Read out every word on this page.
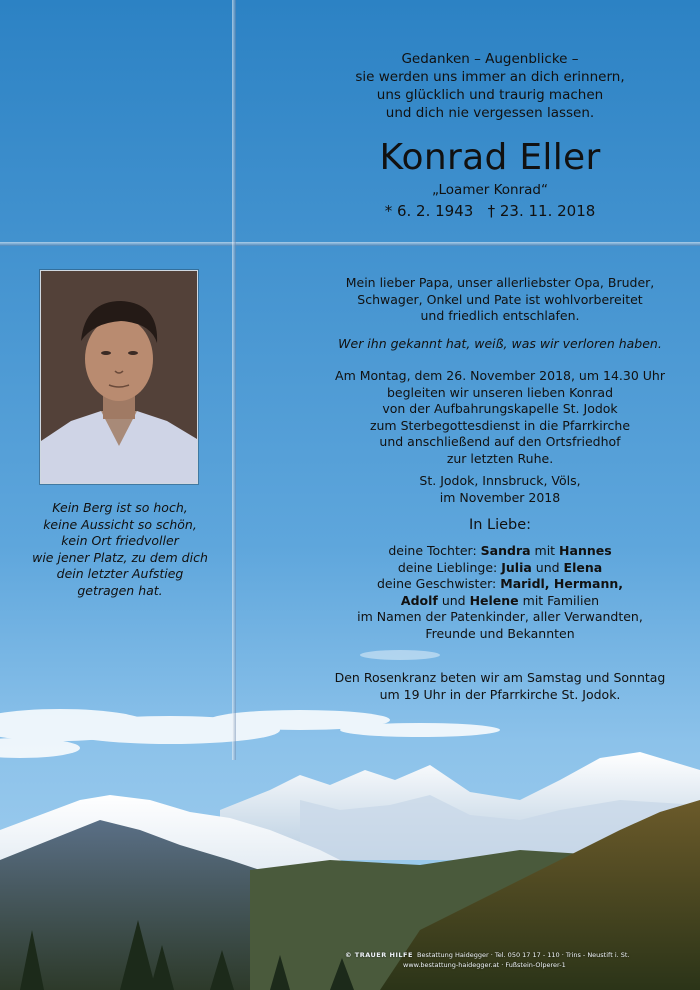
Gedanken – Augenblicke –
sie werden uns immer an dich erinnern,
uns glücklich und traurig machen
und dich nie vergessen lassen.
Konrad Eller
„Loamer Konrad“
* 6. 2. 1943   † 23. 11. 2018
Kein Berg ist so hoch,
keine Aussicht so schön,
kein Ort friedvoller
wie jener Platz, zu dem dich
dein letzter Aufstieg
getragen hat.
Mein lieber Papa, unser allerliebster Opa, Bruder,
Schwager, Onkel und Pate ist wohlvorbereitet
und friedlich entschlafen.
Wer ihn gekannt hat, weiß, was wir verloren haben.
Am Montag, dem 26. November 2018, um 14.30 Uhr
begleiten wir unseren lieben Konrad
von der Aufbahrungskapelle St. Jodok
zum Sterbegottesdienst in die Pfarrkirche
und anschließend auf den Ortsfriedhof
zur letzten Ruhe.
St. Jodok, Innsbruck, Völs,
im November 2018
In Liebe:
deine Tochter: Sandra mit Hannes
deine Lieblinge: Julia und Elena
deine Geschwister: Maridl, Hermann,
Adolf und Helene mit Familien
im Namen der Patenkinder, aller Verwandten,
Freunde und Bekannten
Den Rosenkranz beten wir am Samstag und Sonntag
um 19 Uhr in der Pfarrkirche St. Jodok.
© TRAUER HILFE Bestattung Haidegger · Tel. 050 17 17 - 110 · Trins - Neustift i. St.
www.bestattung-haidegger.at · Fußstein-Olperer-1
